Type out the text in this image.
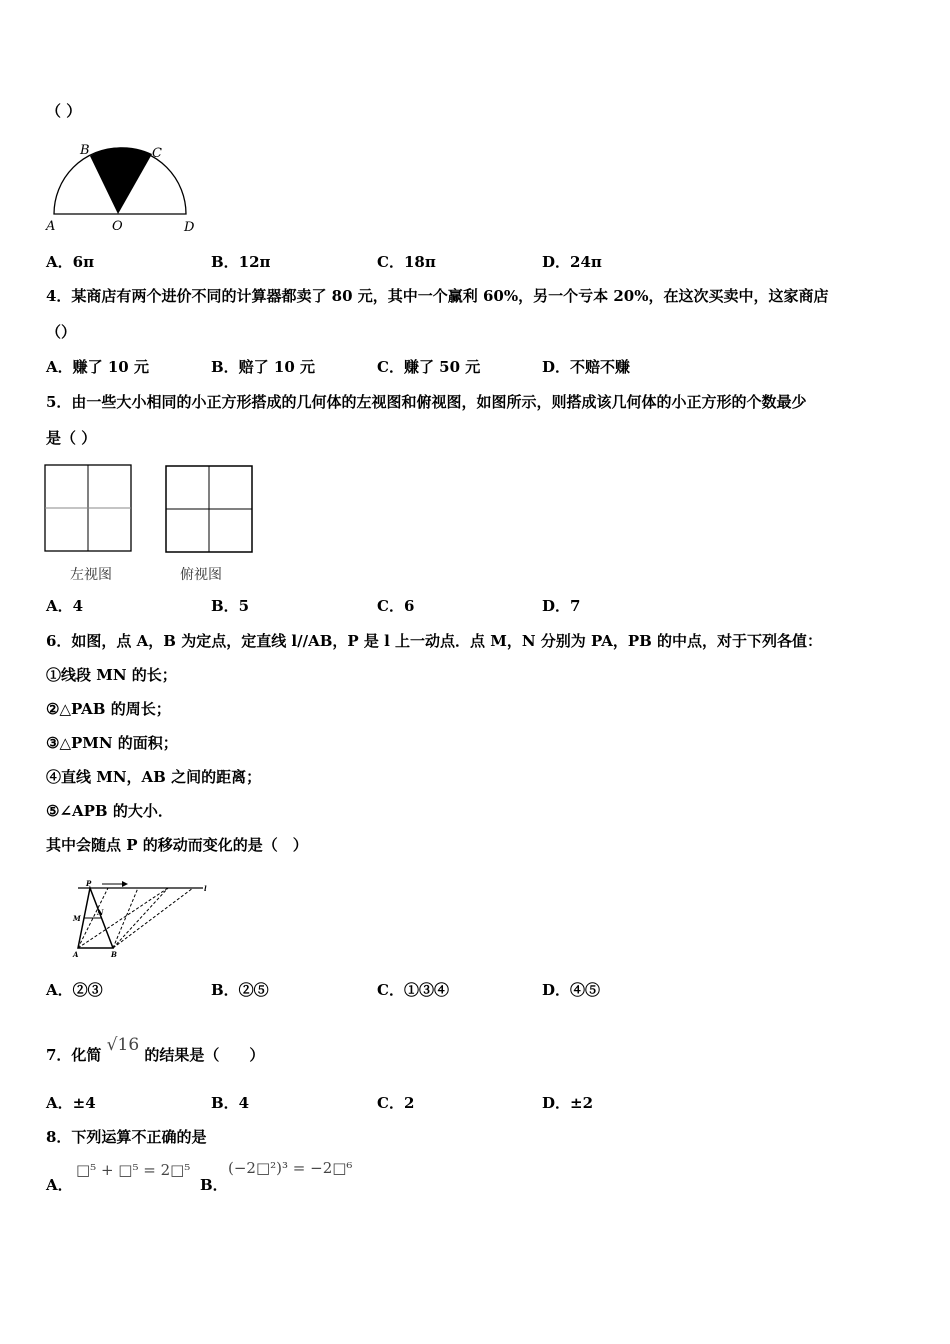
（ ）
B	C
A	O	D
A．6π	B．12π	C．18π	D．24π
4．某商店有两个进价不同的计算器都卖了 80 元，其中一个赢利 60%，另一个亏本 20%，在这次买卖中，这家商店
（）
A．赚了 10 元	B．赔了 10 元	C．赚了 50 元	D．不赔不赚
5．由一些大小相同的小正方形搭成的几何体的左视图和俯视图，如图所示，则搭成该几何体的小正方形的个数最少
是（ ）
左视图	俯视图
A．4	B．5	C．6	D．7
6．如图，点 A，B 为定点，定直线 l//AB，P 是 l 上一动点．点 M，N 分别为 PA，PB 的中点，对于下列各值：
①线段 MN 的长；
②△PAB 的周长；
③△PMN 的面积；
④直线 MN，AB 之间的距离；
⑤∠APB 的大小．
其中会随点 P 的移动而变化的是（　）
P
M
N
A	B
l
A．②③	B．②⑤	C．①③④	D．④⑤
7．化简 √16 的结果是（　　）
A．±4	B．4	C．2	D．±2
8．下列运算不正确的是
A．
□⁵ + □⁵ = 2□⁵
B．
(−2□²)³ = −2□⁶
